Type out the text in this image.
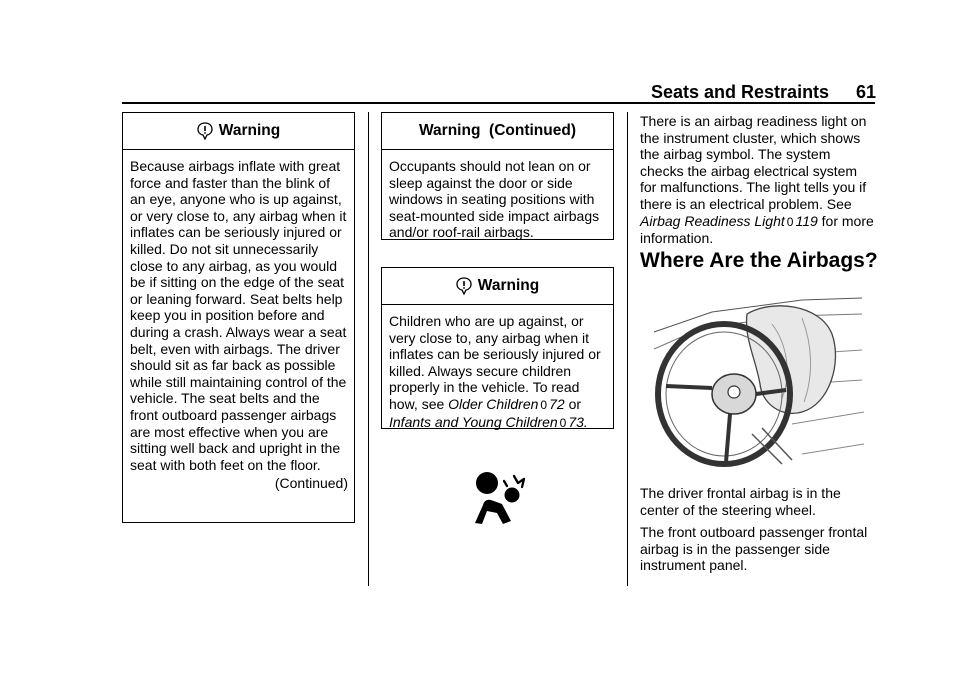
Seats and Restraints 61
Warning
Because airbags inflate with great force and faster than the blink of an eye, anyone who is up against, or very close to, any airbag when it inflates can be seriously injured or killed. Do not sit unnecessarily close to any airbag, as you would be if sitting on the edge of the seat or leaning forward. Seat belts help keep you in position before and during a crash. Always wear a seat belt, even with airbags. The driver should sit as far back as possible while still maintaining control of the vehicle. The seat belts and the front outboard passenger airbags are most effective when you are sitting well back and upright in the seat with both feet on the floor.
(Continued)
Warning  (Continued)
Occupants should not lean on or sleep against the door or side windows in seating positions with seat-mounted side impact airbags and/or roof-rail airbags.
Warning
Children who are up against, or very close to, any airbag when it inflates can be seriously injured or killed. Always secure children properly in the vehicle. To read how, see Older Children 0 72 or
Infants and Young Children 0 73.
There is an airbag readiness light on the instrument cluster, which shows the airbag symbol. The system checks the airbag electrical system for malfunctions. The light tells you if there is an electrical problem. See Airbag Readiness Light 0 119 for more information.
Where Are the Airbags?
The driver frontal airbag is in the center of the steering wheel.
The front outboard passenger frontal airbag is in the passenger side instrument panel.
